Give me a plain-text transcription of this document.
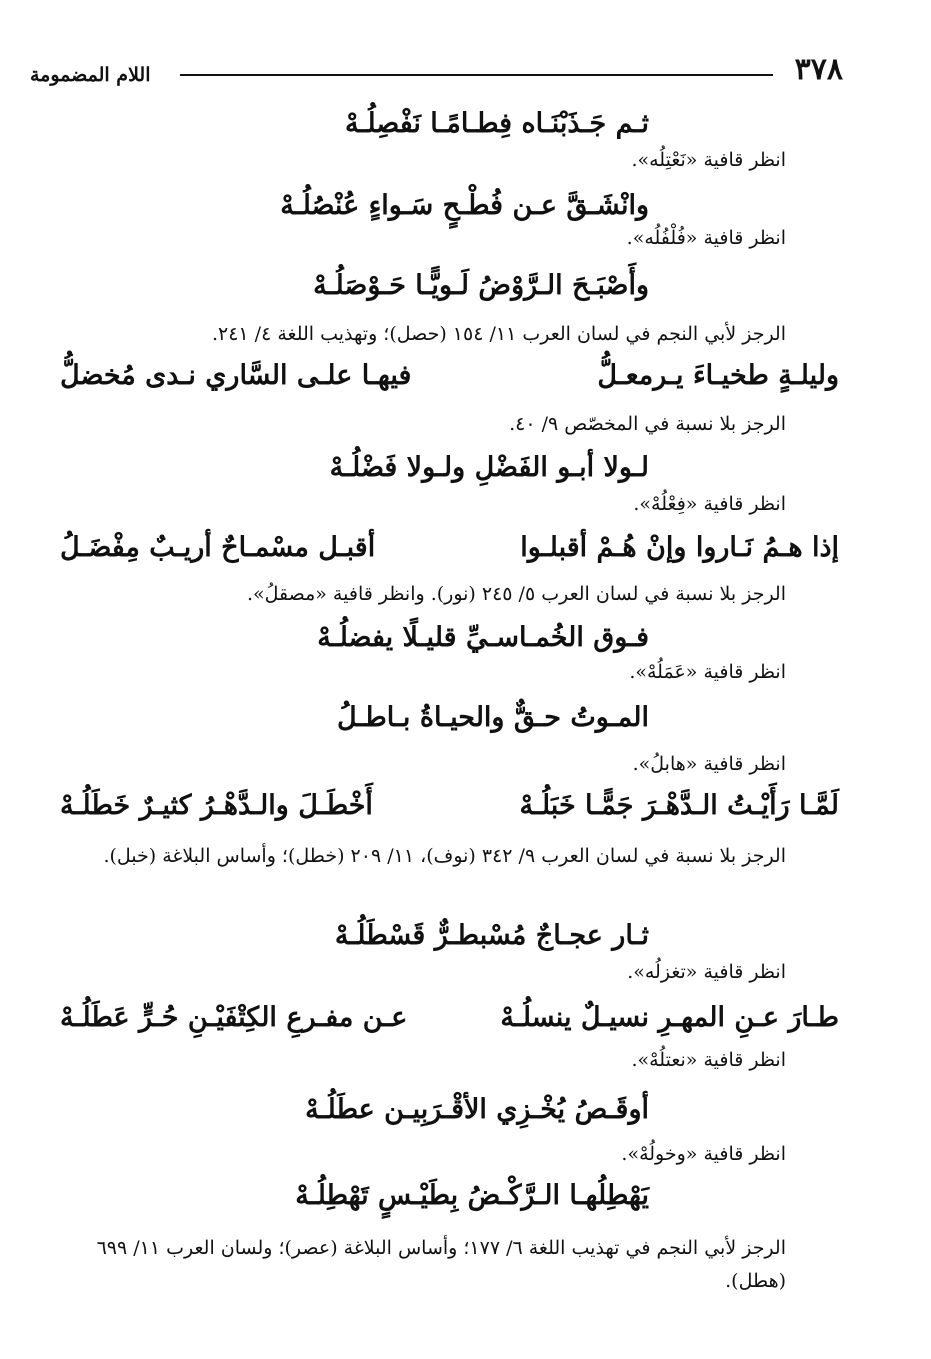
٣٧٨
اللام المضمومة
ثـم جَـذَبْنَـاه فِطـامًـا نَفْصِلُـهْ
انظر قافية «نَعْتِلُه».
وانْشَـقَّ عـن فُطْـحٍ سَـواءٍ عُنْصُلُـهْ
انظر قافية «فُلْفُلُه».
وأَصْبَـحَ الـرَّوْضُ لَـويًّـا حَـوْصَلُـهْ
الرجز لأبي النجم في لسان العرب ١١/ ١٥٤ (حصل)؛ وتهذيب اللغة ٤/ ٢٤١.
وليلـةٍ طخيـاءَ يـرمعـلُّ
فيهـا علـى السَّاري نـدى مُخضلُّ
الرجز بلا نسبة في المخصّص ٩/ ٤٠.
لـولا أبـو الفَضْلِ ولـولا فَضْلُـهْ
انظر قافية «فِعْلُهْ».
إذا هـمُ نَـاروا وإنْ هُـمْ أقبلـوا
أقبـل مسْمـاحٌ أريـبٌ مِفْضَـلُ
الرجز بلا نسبة في لسان العرب ٥/ ٢٤٥ (نور). وانظر قافية «مصقلُ».
فـوق الخُمـاسـيِّ قليـلًا يفضلُـهْ
انظر قافية «عَمَلُهْ».
المـوتُ حـقٌّ والحيـاةُ بـاطـلُ
انظر قافية «هابلُ».
لَمَّـا رَأَيْـتُ الـدَّهْـرَ جَمًّـا خَبَلُـهْ
أَخْطَـلَ والـدَّهْـرُ كثيـرٌ خَطَلُـهْ
الرجز بلا نسبة في لسان العرب ٩/ ٣٤٢ (نوف)، ١١/ ٢٠٩ (خطل)؛ وأساس البلاغة (خبل).
ثـار عجـاجٌ مُسْبطـرٌّ قَسْطَلُـهْ
انظر قافية «تغزلُه».
طـارَ عـنِ المهـرِ نسيـلٌ ينسلُـهْ
عـن مفـرعِ الكِتْفَيْـنِ حُـرٍّ عَطَلُـهْ
انظر قافية «نعتلُهْ».
أوقَـصُ يُخْـزِي الأقْـرَبِيـن عطَلُـهْ
انظر قافية «وخولُهْ».
يَهْطِلُهـا الـرَّكْـضُ بِطَيْـسٍ تَهْطِلُـهْ
الرجز لأبي النجم في تهذيب اللغة ٦/ ١٧٧؛ وأساس البلاغة (عصر)؛ ولسان العرب ١١/ ٦٩٩ (هطل).
